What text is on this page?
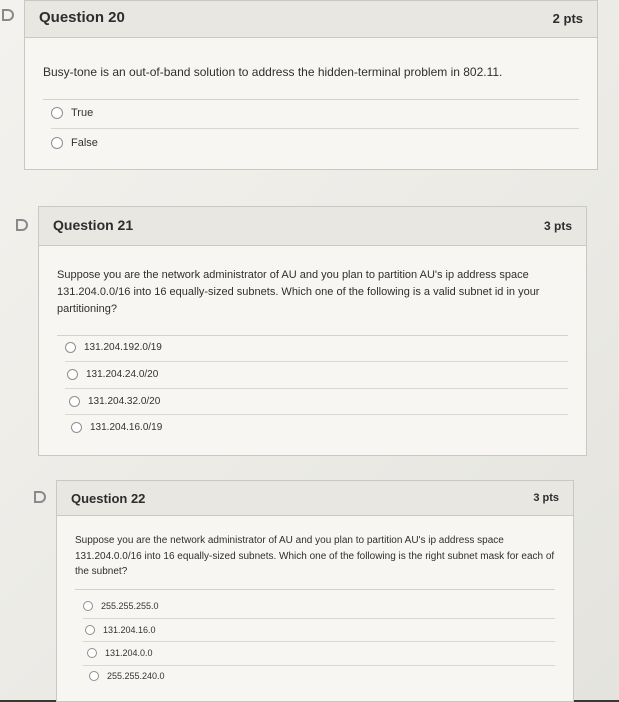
Question 20	2 pts
Busy-tone is an out-of-band solution to address the hidden-terminal problem in 802.11.
True
False
Question 21	3 pts
Suppose you are the network administrator of AU and you plan to partition AU's ip address space 131.204.0.0/16 into 16 equally-sized subnets. Which one of the following is a valid subnet id in your partitioning?
131.204.192.0/19
131.204.24.0/20
131.204.32.0/20
131.204.16.0/19
Question 22	3 pts
Suppose you are the network administrator of AU and you plan to partition AU's ip address space 131.204.0.0/16 into 16 equally-sized subnets. Which one of the following is the right subnet mask for each of the subnet?
255.255.255.0
131.204.16.0
131.204.0.0
255.255.240.0
